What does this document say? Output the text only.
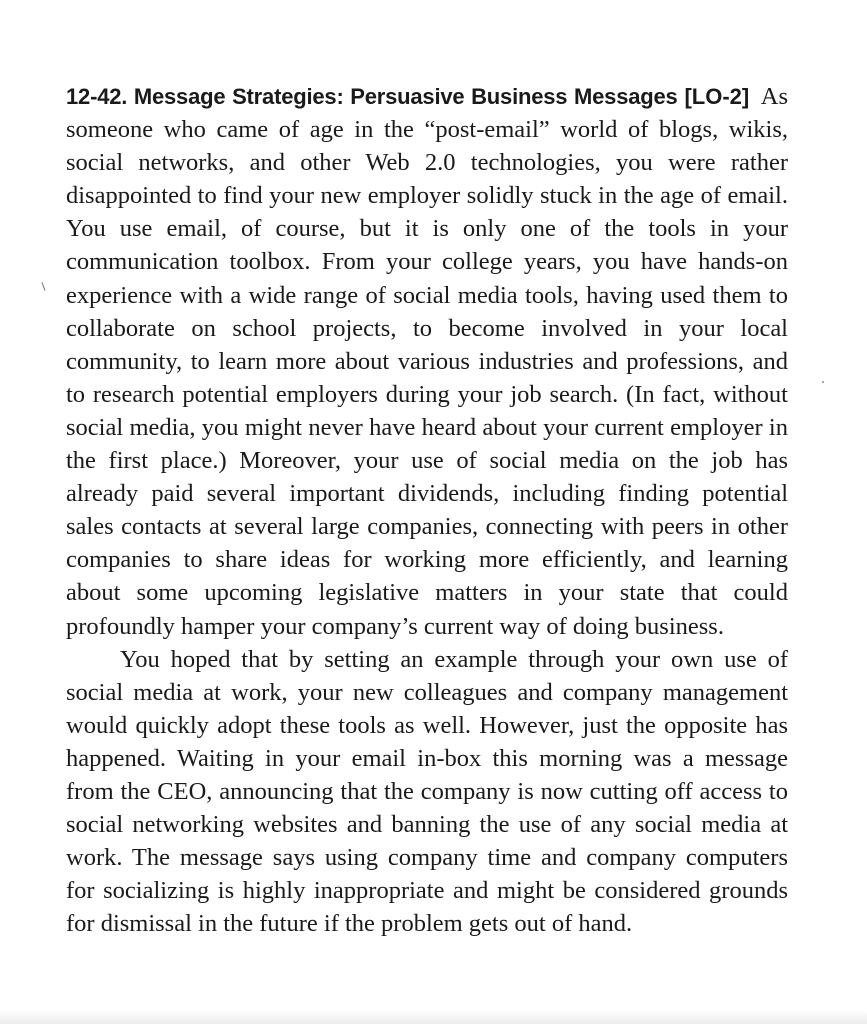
12-42. Message Strategies: Persuasive Business Messages [LO-2] As someone who came of age in the “post-email” world of blogs, wikis, social networks, and other Web 2.0 technologies, you were rather disappointed to find your new employer solidly stuck in the age of email. You use email, of course, but it is only one of the tools in your communication toolbox. From your college years, you have hands-on experience with a wide range of social media tools, having used them to collaborate on school projects, to become involved in your local community, to learn more about various industries and professions, and to research potential employers during your job search. (In fact, without social media, you might never have heard about your current employer in the first place.) Moreover, your use of social media on the job has already paid several important dividends, including finding potential sales contacts at several large companies, connecting with peers in other companies to share ideas for working more efficiently, and learning about some upcoming legislative matters in your state that could profoundly hamper your company’s current way of doing business.

You hoped that by setting an example through your own use of social media at work, your new colleagues and company management would quickly adopt these tools as well. However, just the opposite has happened. Waiting in your email in-box this morning was a message from the CEO, announcing that the company is now cutting off access to social networking websites and banning the use of any social media at work. The message says using company time and company computers for socializing is highly inappropriate and might be considered grounds for dismissal in the future if the problem gets out of hand.
